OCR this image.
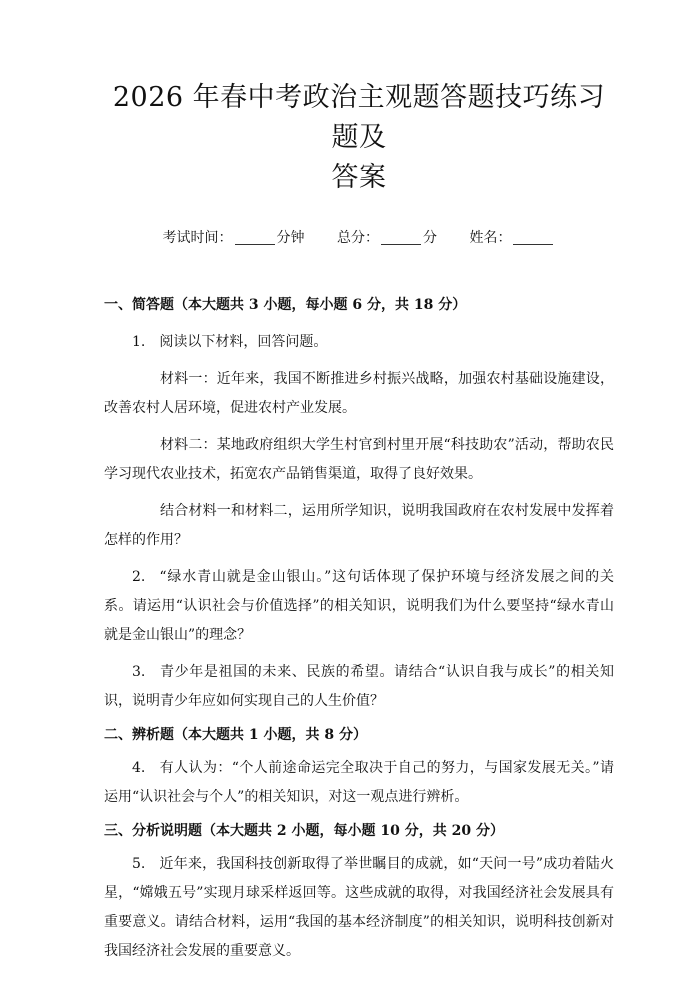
2026 年春中考政治主观题答题技巧练习题及
答案
考试时间：	分钟 总分：	分 姓名：
一、简答题（本大题共 3 小题，每小题 6 分，共 18 分）

1. 阅读以下材料，回答问题。

材料一：近年来，我国不断推进乡村振兴战略，加强农村基础设施建设，改善农村人居环境，促进农村产业发展。

材料二：某地政府组织大学生村官到村里开展“科技助农”活动，帮助农民学习现代农业技术，拓宽农产品销售渠道，取得了良好效果。

结合材料一和材料二，运用所学知识，说明我国政府在农村发展中发挥着怎样的作用？

2. “绿水青山就是金山银山。”这句话体现了保护环境与经济发展之间的关系。请运用“认识社会与价值选择”的相关知识，说明我们为什么要坚持“绿水青山就是金山银山”的理念？

3. 青少年是祖国的未来、民族的希望。请结合“认识自我与成长”的相关知识，说明青少年应如何实现自己的人生价值？

二、辨析题（本大题共 1 小题，共 8 分）

4. 有人认为：“个人前途命运完全取决于自己的努力，与国家发展无关。”请运用“认识社会与个人”的相关知识，对这一观点进行辨析。

三、分析说明题（本大题共 2 小题，每小题 10 分，共 20 分）

5. 近年来，我国科技创新取得了举世瞩目的成就，如“天问一号”成功着陆火星，“嫦娥五号”实现月球采样返回等。这些成就的取得，对我国经济社会发展具有重要意义。请结合材料，运用“我国的基本经济制度”的相关知识，说明科技创新对我国经济社会发展的重要意义。
